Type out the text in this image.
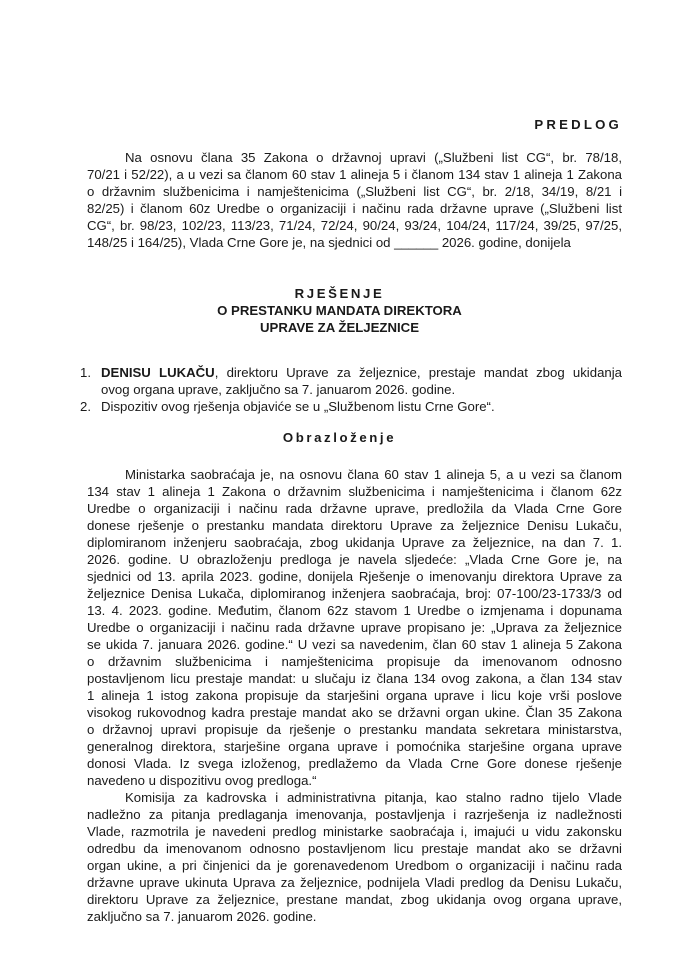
PREDLOG
Na osnovu člana 35 Zakona o državnoj upravi („Službeni list CG“, br. 78/18,
70/21 i 52/22), a u vezi sa članom 60 stav 1 alineja 5 i članom 134 stav 1 alineja 1 Zakona
o državnim službenicima i namještenicima („Službeni list CG“, br. 2/18, 34/19, 8/21 i
82/25) i članom 60z Uredbe o organizaciji i načinu rada državne uprave („Službeni list
CG“, br. 98/23, 102/23, 113/23, 71/24, 72/24, 90/24, 93/24, 104/24, 117/24, 39/25, 97/25,
148/25 i 164/25), Vlada Crne Gore je, na sjednici od ______ 2026. godine, donijela
RJEŠENJE
O PRESTANKU MANDATA DIREKTORA
UPRAVE ZA ŽELJEZNICE
1. DENISU LUKAČU, direktoru Uprave za željeznice, prestaje mandat zbog ukidanja
ovog organa uprave, zaključno sa 7. januarom 2026. godine.
2. Dispozitiv ovog rješenja objaviće se u „Službenom listu Crne Gore“.
Obrazloženje
Ministarka saobraćaja je, na osnovu člana 60 stav 1 alineja 5, a u vezi sa članom
134 stav 1 alineja 1 Zakona o državnim službenicima i namještenicima i članom 62z
Uredbe o organizaciji i načinu rada državne uprave, predložila da Vlada Crne Gore
donese rješenje o prestanku mandata direktoru Uprave za željeznice Denisu Lukaču,
diplomiranom inženjeru saobraćaja, zbog ukidanja Uprave za željeznice, na dan 7. 1.
2026. godine. U obrazloženju predloga je navela sljedeće: „Vlada Crne Gore je, na
sjednici od 13. aprila 2023. godine, donijela Rješenje o imenovanju direktora Uprave za
željeznice Denisa Lukača, diplomiranog inženjera saobraćaja, broj: 07-100/23-1733/3 od
13. 4. 2023. godine. Međutim, članom 62z stavom 1 Uredbe o izmjenama i dopunama
Uredbe o organizaciji i načinu rada državne uprave propisano je: „Uprava za željeznice
se ukida 7. januara 2026. godine.“ U vezi sa navedenim, član 60 stav 1 alineja 5 Zakona
o državnim službenicima i namještenicima propisuje da imenovanom odnosno
postavljenom licu prestaje mandat: u slučaju iz člana 134 ovog zakona, a član 134 stav
1 alineja 1 istog zakona propisuje da starješini organa uprave i licu koje vrši poslove
visokog rukovodnog kadra prestaje mandat ako se državni organ ukine. Član 35 Zakona
o državnoj upravi propisuje da rješenje o prestanku mandata sekretara ministarstva,
generalnog direktora, starješine organa uprave i pomoćnika starješine organa uprave
donosi Vlada. Iz svega izloženog, predlažemo da Vlada Crne Gore donese rješenje
navedeno u dispozitivu ovog predloga.“
Komisija za kadrovska i administrativna pitanja, kao stalno radno tijelo Vlade
nadležno za pitanja predlaganja imenovanja, postavljenja i razrješenja iz nadležnosti
Vlade, razmotrila je navedeni predlog ministarke saobraćaja i, imajući u vidu zakonsku
odredbu da imenovanom odnosno postavljenom licu prestaje mandat ako se državni
organ ukine, a pri činjenici da je gorenavedenom Uredbom o organizaciji i načinu rada
državne uprave ukinuta Uprava za željeznice, podnijela Vladi predlog da Denisu Lukaču,
direktoru Uprave za željeznice, prestane mandat, zbog ukidanja ovog organa uprave,
zaključno sa 7. januarom 2026. godine.
